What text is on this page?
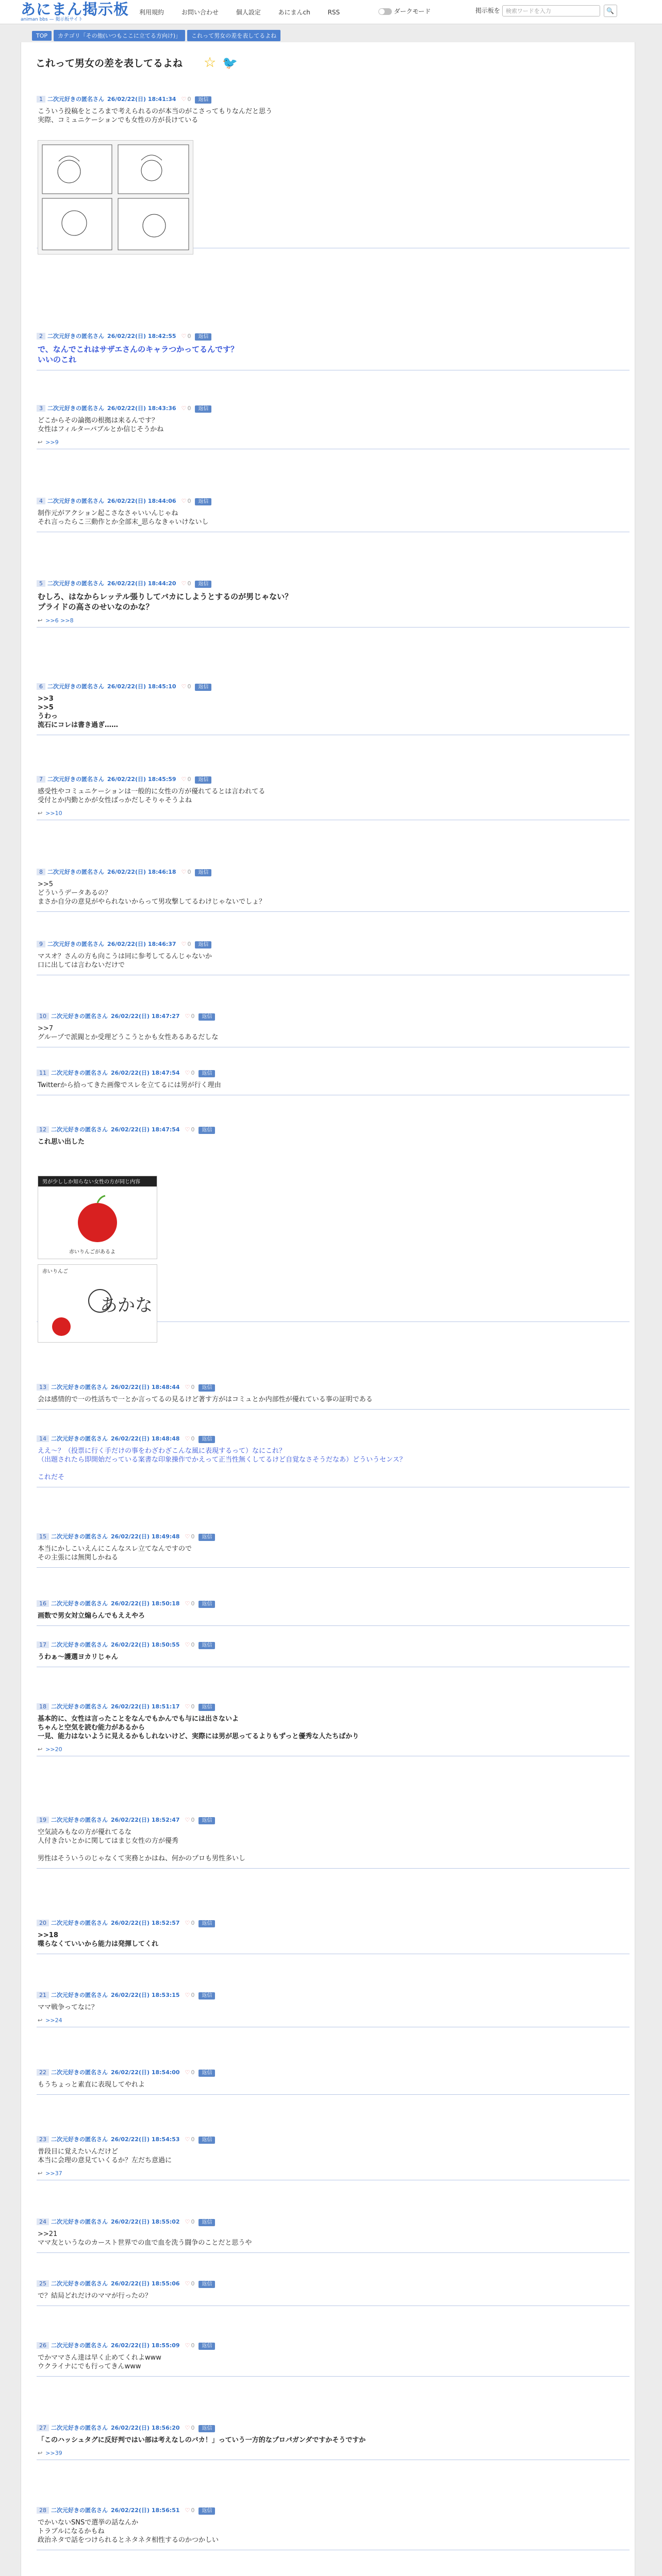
あにまん掲示板
animan bbs — 掲示板サイト
利用規約	お問い合わせ	個人設定	あにまんch	RSS	ダークモード	掲示板を 検索ワードを入力	🔍
TOP カテゴリ「その他(いつもここに立てる方向け)」 これって男女の差を表してるよね
これって男女の差を表してるよね ☆ 🐦
1 二次元好きの匿名さん 26/02/22(日) 18:41:34 ♡ 0 返信
こういう投稿をところまで考えられるのが本当のがこさってもりなんだと思う
実際、コミュニケーションでも女性の方が長けている
2 二次元好きの匿名さん 26/02/22(日) 18:42:55 ♡ 0 返信
で、なんでこれはサザエさんのキャラつかってるんです？
いいのこれ
3 二次元好きの匿名さん 26/02/22(日) 18:43:36 ♡ 0 返信
どこからその論拠の根拠は来るんです？
女性はフィルターバブルとか信じそうかね
↩ >>9
4 二次元好きの匿名さん 26/02/22(日) 18:44:06 ♡ 0 返信
制作元がアクション起こさなさゃいいんじゃね
それ言ったらこ三動作とか全部末_思らなきゃいけないし
5 二次元好きの匿名さん 26/02/22(日) 18:44:20 ♡ 0 返信
むしろ、はなからレッテル張りしてバカにしようとするのが男じゃない？
プライドの高さのせいなのかな？
↩ >>6 >>8
6 二次元好きの匿名さん 26/02/22(日) 18:45:10 ♡ 0 返信
>>3
>>5
うわっ
流石にコレは書き過ぎ……
7 二次元好きの匿名さん 26/02/22(日) 18:45:59 ♡ 0 返信
感受性やコミュニケーションは一般的に女性の方が優れてるとは言われてる
受付とか内勤とかが女性ばっかだしそりゃそうよね
↩ >>10
8 二次元好きの匿名さん 26/02/22(日) 18:46:18 ♡ 0 返信
>>5
どういうデータあるの？
まさか自分の意見がやられないからって男攻撃してるわけじゃないでしょ？
9 二次元好きの匿名さん 26/02/22(日) 18:46:37 ♡ 0 返信
マスオ？さんの方も向こうは同に参考してるんじゃないか
口に出しては言わないだけで
10 二次元好きの匿名さん 26/02/22(日) 18:47:27 ♡ 0 返信
>>7
グループで派閥とか受理どうこうとかも女性あるあるだしな
11 二次元好きの匿名さん 26/02/22(日) 18:47:54 ♡ 0 返信
Twitterから拾ってきた画像でスレを立てるには男が行く理由
12 二次元好きの匿名さん 26/02/22(日) 18:47:54 ♡ 0 返信
これ思い出した
13 二次元好きの匿名さん 26/02/22(日) 18:48:44 ♡ 0 返信
会は感情的で一の性活ちで一とか言ってるの見るけど著す方がはコミュとか内部性が優れている事の証明である
14 二次元好きの匿名さん 26/02/22(日) 18:48:48 ♡ 0 返信
ええ～？（投票に行く手だけの事をわざわざこんな風に表現するって）なにこれ？
（出題されたら即開始だっている案書な印象操作でかえって正当性無くしてるけど自覚なさそうだなあ）どういうセンス？

これだそ
15 二次元好きの匿名さん 26/02/22(日) 18:49:48 ♡ 0 返信
本当にかしこいえんにこんなスレ立てなんですので
その主張には無関しかねる
16 二次元好きの匿名さん 26/02/22(日) 18:50:18 ♡ 0 返信
画数で男女対立煽らんでもええやろ
17 二次元好きの匿名さん 26/02/22(日) 18:50:55 ♡ 0 返信
うわぁ～護選ヨカリじゃん
18 二次元好きの匿名さん 26/02/22(日) 18:51:17 ♡ 0 返信
基本的に、女性は言ったことをなんでもかんでも与には出さないよ
ちゃんと空気を読む能力があるから
一見、能力はないように見えるかもしれないけど、実際には男が思ってるよりもずっと優秀な人たちばかり
↩ >>20
19 二次元好きの匿名さん 26/02/22(日) 18:52:47 ♡ 0 返信
空気読みもなの方が優れてるな
人付き合いとかに関してはまじ女性の方が優秀

男性はそういうのじゃなくて実務とかはね、何かのプロも男性多いし
20 二次元好きの匿名さん 26/02/22(日) 18:52:57 ♡ 0 返信
>>18
喋らなくていいから能力は発揮してくれ
21 二次元好きの匿名さん 26/02/22(日) 18:53:15 ♡ 0 返信
ママ戦争ってなに？
↩ >>24
22 二次元好きの匿名さん 26/02/22(日) 18:54:00 ♡ 0 返信
もうちょっと素直に表現してやれよ
23 二次元好きの匿名さん 26/02/22(日) 18:54:53 ♡ 0 返信
普段目に覚えたいんだけど
本当に会理の意見ていくるか？左だち意過に
↩ >>37
24 二次元好きの匿名さん 26/02/22(日) 18:55:02 ♡ 0 返信
>>21
ママ友というなのカースト世界での血で血を洗う闘争のことだと思うや
25 二次元好きの匿名さん 26/02/22(日) 18:55:06 ♡ 0 返信
で？結局どれだけのママが行ったの？
26 二次元好きの匿名さん 26/02/22(日) 18:55:09 ♡ 0 返信
でかママさん達は早く止めてくれよwww
ウクライナにでも行ってきんwww
27 二次元好きの匿名さん 26/02/22(日) 18:56:20 ♡ 0 返信
「このハッシュタグに反好判ではい部は考えなしのバカ！」っていう一方的なプロパガンダですかそうですか
↩ >>39
28 二次元好きの匿名さん 26/02/22(日) 18:56:51 ♡ 0 返信
でかいないSNSで選挙の話なんか
トラブルになるかもね
政治ネタで話をつけられるとネタネタ相性するのかつかしい
男が少ししか知らない女性の方が同じ内容
赤いりんごがあるよ
赤いりんご
あかな
